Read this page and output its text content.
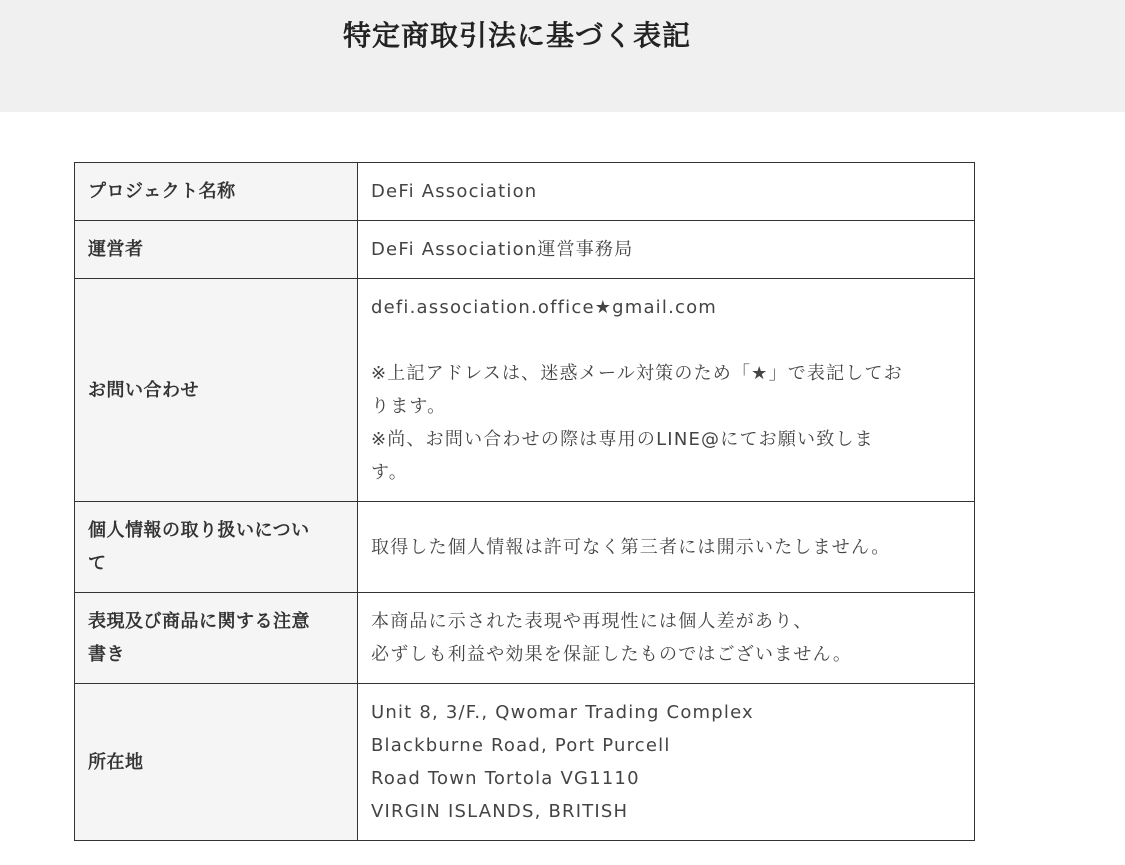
特定商取引法に基づく表記
プロジェクト名称	DeFi Association

運営者	DeFi Association運営事務局

お問い合わせ	defi.association.office★gmail.com
※上記アドレスは、迷惑メール対策のため「★」で表記してお
ります。
※尚、お問い合わせの際は専用のLINE@にてお願い致しま
す。

個人情報の取り扱いについ
て	取得した個人情報は許可なく第三者には開示いたしません。

表現及び商品に関する注意
書き	本商品に示された表現や再現性には個人差があり、
必ずしも利益や効果を保証したものではございません。

所在地	Unit 8, 3/F., Qwomar Trading Complex
Blackburne Road, Port Purcell
Road Town Tortola VG1110
VIRGIN ISLANDS, BRITISH
